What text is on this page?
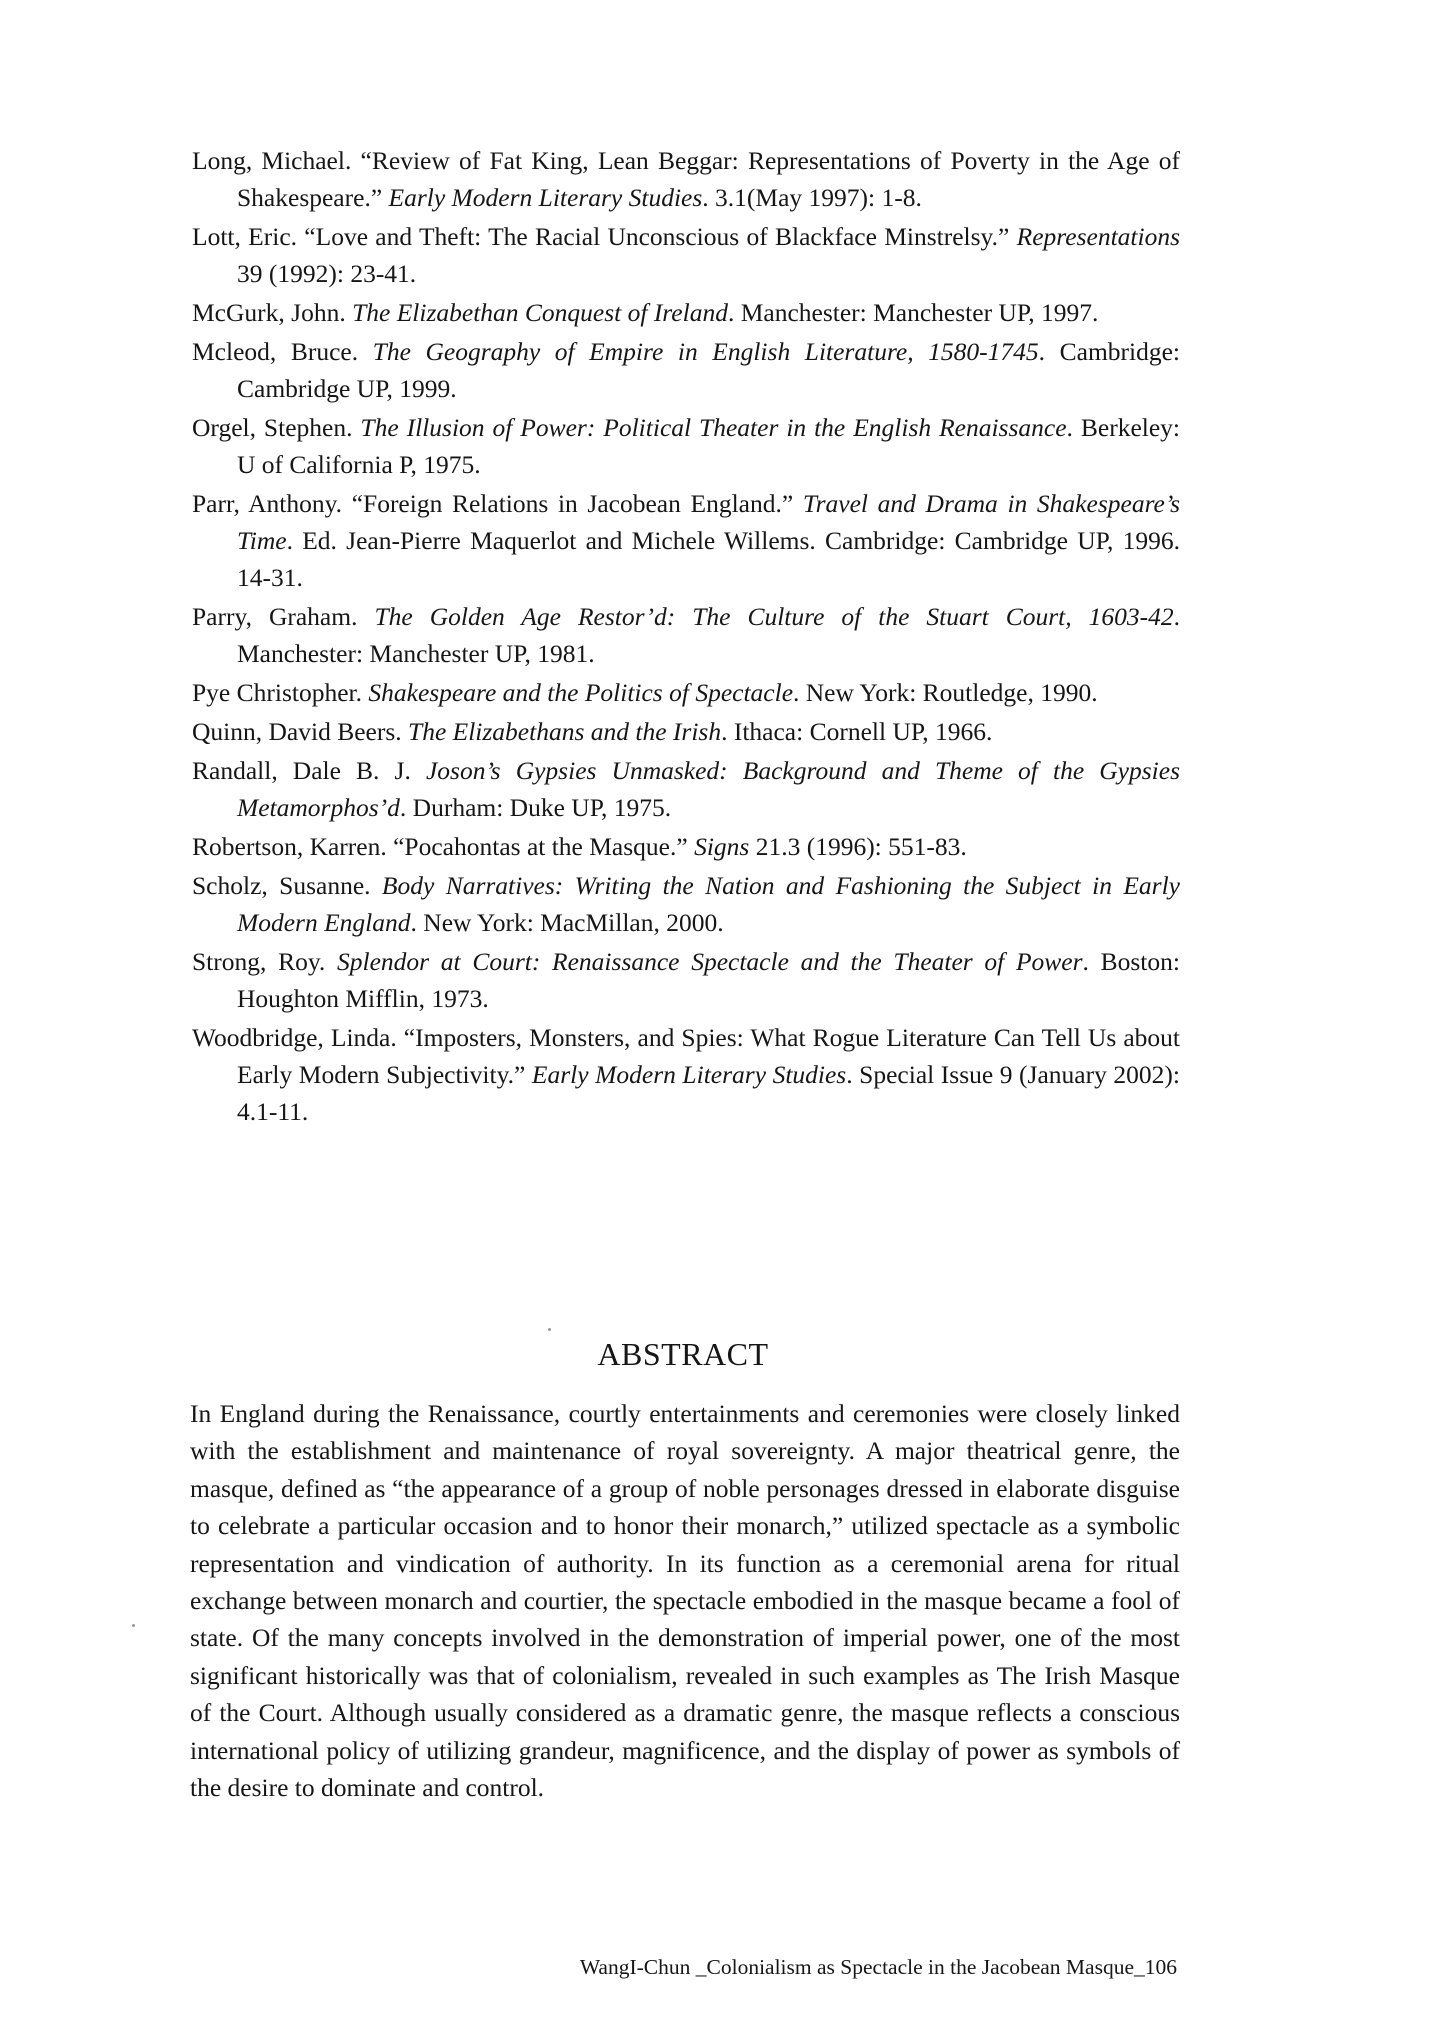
Long, Michael. “Review of Fat King, Lean Beggar: Representations of Poverty in the Age of Shakespeare.” Early Modern Literary Studies. 3.1(May 1997): 1-8.
Lott, Eric. “Love and Theft: The Racial Unconscious of Blackface Minstrelsy.” Representations 39 (1992): 23-41.
McGurk, John. The Elizabethan Conquest of Ireland. Manchester: Manchester UP, 1997.
Mcleod, Bruce. The Geography of Empire in English Literature, 1580-1745. Cambridge: Cambridge UP, 1999.
Orgel, Stephen. The Illusion of Power: Political Theater in the English Renaissance. Berkeley: U of California P, 1975.
Parr, Anthony. “Foreign Relations in Jacobean England.” Travel and Drama in Shakespeare’s Time. Ed. Jean-Pierre Maquerlot and Michele Willems. Cambridge: Cambridge UP, 1996. 14-31.
Parry, Graham. The Golden Age Restor’d: The Culture of the Stuart Court, 1603-42. Manchester: Manchester UP, 1981.
Pye Christopher. Shakespeare and the Politics of Spectacle. New York: Routledge, 1990.
Quinn, David Beers. The Elizabethans and the Irish. Ithaca: Cornell UP, 1966.
Randall, Dale B. J. Joson’s Gypsies Unmasked: Background and Theme of the Gypsies Metamorphos’d. Durham: Duke UP, 1975.
Robertson, Karren. “Pocahontas at the Masque.” Signs 21.3 (1996): 551-83.
Scholz, Susanne. Body Narratives: Writing the Nation and Fashioning the Subject in Early Modern England. New York: MacMillan, 2000.
Strong, Roy. Splendor at Court: Renaissance Spectacle and the Theater of Power. Boston: Houghton Mifflin, 1973.
Woodbridge, Linda. “Imposters, Monsters, and Spies: What Rogue Literature Can Tell Us about Early Modern Subjectivity.” Early Modern Literary Studies. Special Issue 9 (January 2002): 4.1-11.
ABSTRACT

In England during the Renaissance, courtly entertainments and ceremonies were closely linked with the establishment and maintenance of royal sovereignty. A major theatrical genre, the masque, defined as “the appearance of a group of noble personages dressed in elaborate disguise to celebrate a particular occasion and to honor their monarch,” utilized spectacle as a symbolic representation and vindication of authority. In its function as a ceremonial arena for ritual exchange between monarch and courtier, the spectacle embodied in the masque became a fool of state. Of the many concepts involved in the demonstration of imperial power, one of the most significant historically was that of colonialism, revealed in such examples as The Irish Masque of the Court. Although usually considered as a dramatic genre, the masque reflects a conscious international policy of utilizing grandeur, magnificence, and the display of power as symbols of the desire to dominate and control.

WangI-Chun _Colonialism as Spectacle in the Jacobean Masque_106
